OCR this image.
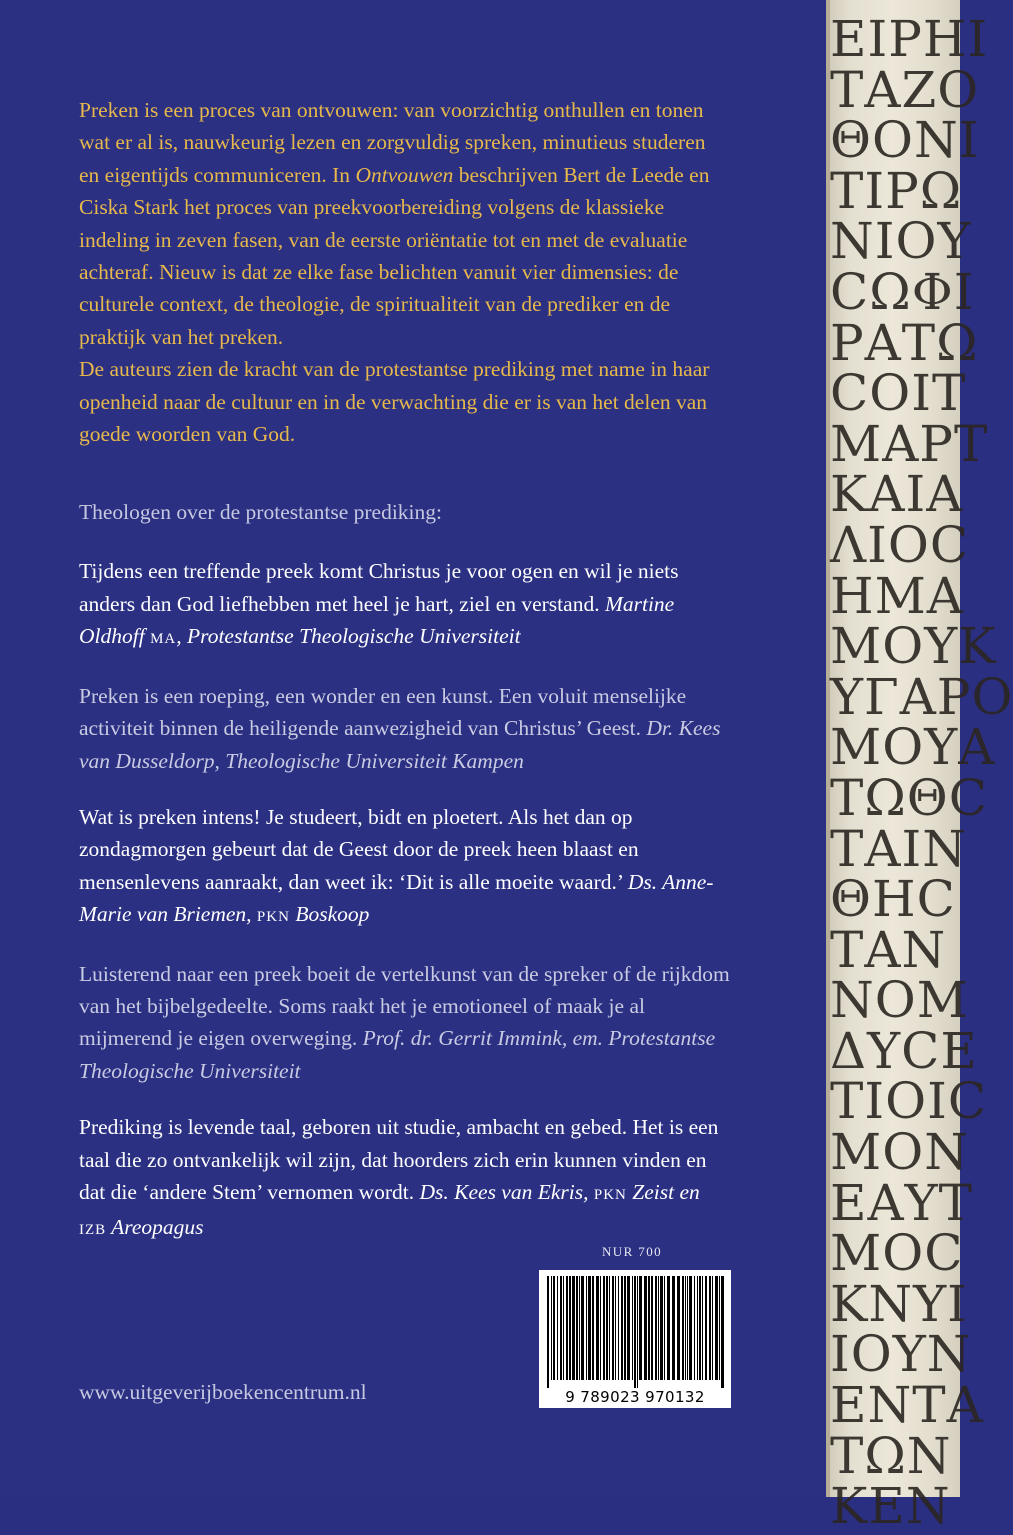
Preken is een proces van ontvouwen: van voorzichtig onthullen en tonen wat er al is, nauwkeurig lezen en zorgvuldig spreken, minutieus studeren en eigentijds communiceren. In Ontvouwen beschrijven Bert de Leede en Ciska Stark het proces van preekvoorbereiding volgens de klassieke indeling in zeven fasen, van de eerste oriëntatie tot en met de evaluatie achteraf. Nieuw is dat ze elke fase belichten vanuit vier dimensies: de culturele context, de theologie, de spiritualiteit van de prediker en de praktijk van het preken.

De auteurs zien de kracht van de protestantse prediking met name in haar openheid naar de cultuur en in de verwachting die er is van het delen van goede woorden van God.

Theologen over de protestantse prediking:

Tijdens een treffende preek komt Christus je voor ogen en wil je niets anders dan God liefhebben met heel je hart, ziel en verstand. Martine Oldhoff MA, Protestantse Theologische Universiteit

Preken is een roeping, een wonder en een kunst. Een voluit menselijke activiteit binnen de heiligende aanwezigheid van Christus’ Geest. Dr. Kees van Dusseldorp, Theologische Universiteit Kampen

Wat is preken intens! Je studeert, bidt en ploetert. Als het dan op zondagmorgen gebeurt dat de Geest door de preek heen blaast en mensenlevens aanraakt, dan weet ik: ‘Dit is alle moeite waard.’ Ds. Anne-Marie van Briemen, PKN Boskoop

Luisterend naar een preek boeit de vertelkunst van de spreker of de rijkdom van het bijbelgedeelte. Soms raakt het je emotioneel of maak je al mijmerend je eigen overweging. Prof. dr. Gerrit Immink, em. Protestantse Theologische Universiteit

Prediking is levende taal, geboren uit studie, ambacht en gebed. Het is een taal die zo ontvankelijk wil zijn, dat hoorders zich erin kunnen vinden en dat die ‘andere Stem’ vernomen wordt. Ds. Kees van Ekris, PKN Zeist en IZB Areopagus

NUR 700
9 789023 970132
www.uitgeverijboekencentrum.nl
ΕΙΡΗΙ
ΤΑΖΟ
ΘΟΝΙ
ΤΙΡΩ
ΝΙΟΥ
ϹΩΦΙ
ΡΑΤΩ
ϹΟΙΤ
ΜΑΡΤ
ΚΑΙΑ
ΛΙΟϹ
ΗΜΑ
ΜΟΥΚ
ΥΓΑΡΟ
ΜΟΥΑ
ΤΩΘϹ
ΤΑΙΝ
ΘΗϹ
ΤΑΝ
ΝΟΜ
ΔΥϹΕ
ΤΙΟΙϹ
ΜΟΝ
ΕΑΥΤ
ΜΟϹ
ΚΝΥΙ
ΙΟΥΝ
ΕΝΤΑ
ΤΩΝ
ΚΕΝ
